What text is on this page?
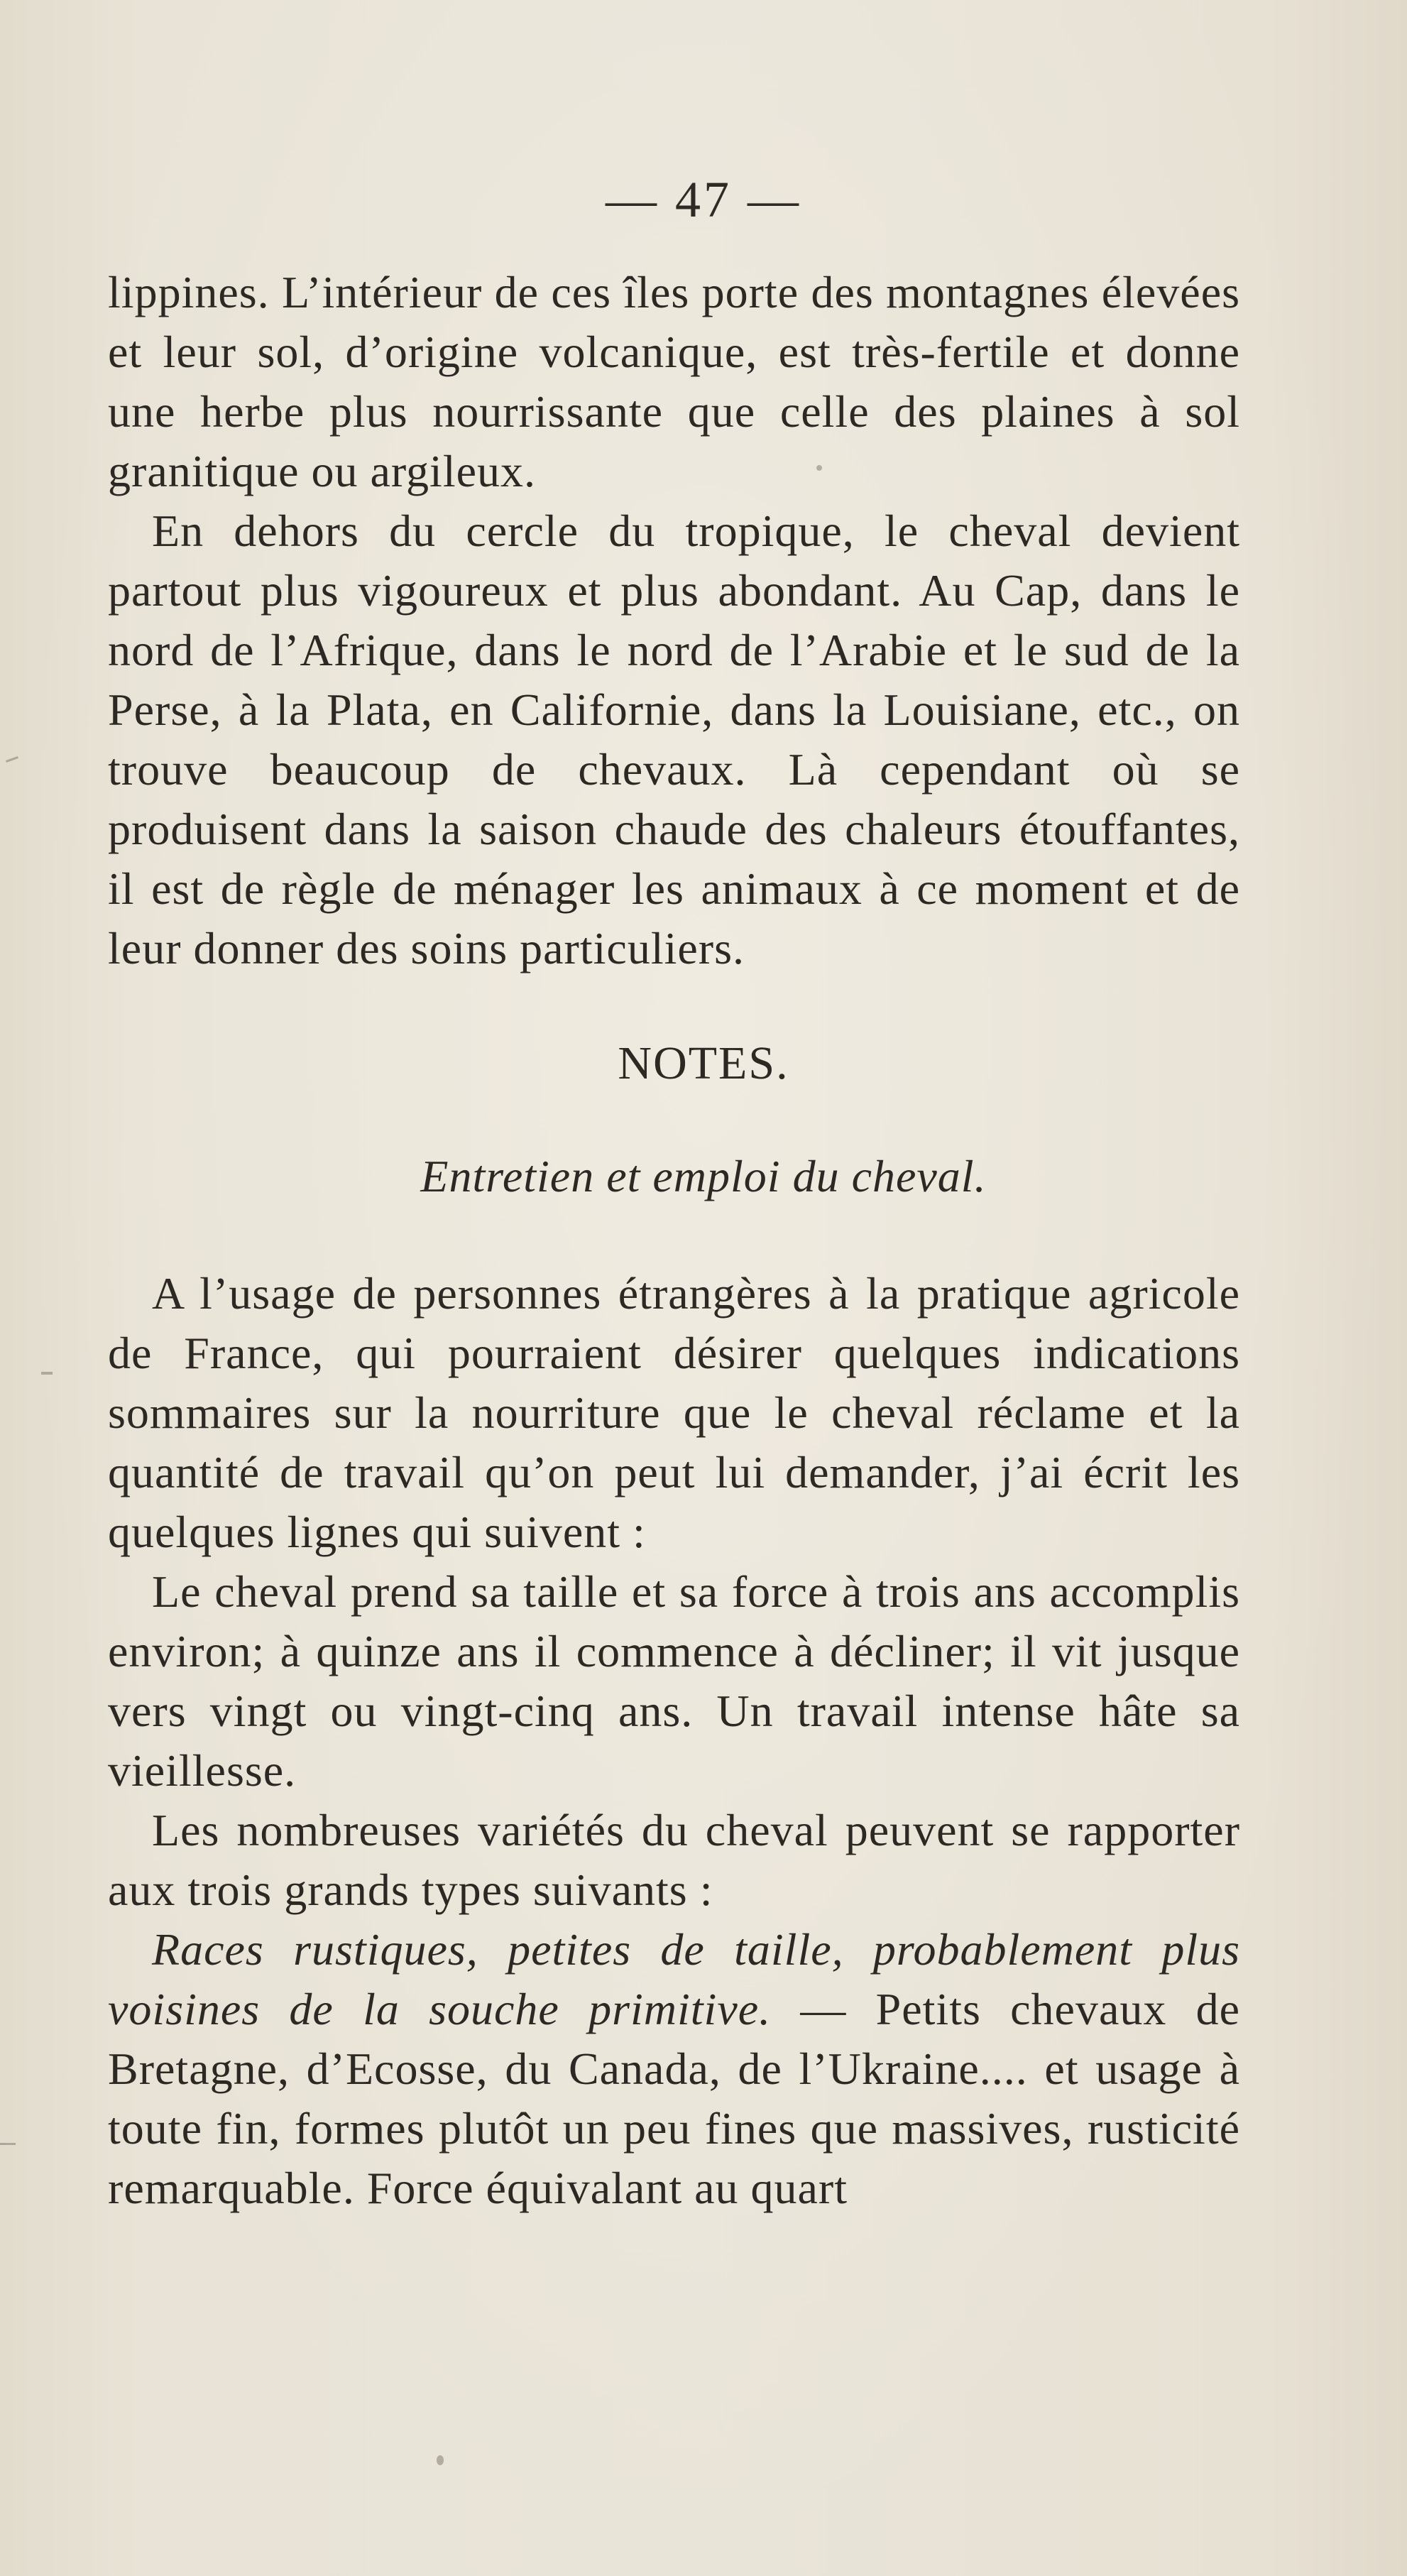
— 47 —

lippines. L’intérieur de ces îles porte des montagnes élevées et leur sol, d’origine volcanique, est très-fertile et donne une herbe plus nourrissante que celle des plaines à sol granitique ou argileux.

En dehors du cercle du tropique, le cheval devient partout plus vigoureux et plus abondant. Au Cap, dans le nord de l’Afrique, dans le nord de l’Arabie et le sud de la Perse, à la Plata, en Californie, dans la Louisiane, etc., on trouve beaucoup de chevaux. Là cependant où se produisent dans la saison chaude des chaleurs étouffantes, il est de règle de ménager les animaux à ce moment et de leur donner des soins particuliers.

NOTES.
Entretien et emploi du cheval.

A l’usage de personnes étrangères à la pratique agricole de France, qui pourraient désirer quelques indications sommaires sur la nourriture que le cheval réclame et la quantité de travail qu’on peut lui demander, j’ai écrit les quelques lignes qui suivent :

Le cheval prend sa taille et sa force à trois ans accomplis environ; à quinze ans il commence à décliner; il vit jusque vers vingt ou vingt-cinq ans. Un travail intense hâte sa vieillesse.

Les nombreuses variétés du cheval peuvent se rapporter aux trois grands types suivants :

Races rustiques, petites de taille, probablement plus voisines de la souche primitive. — Petits chevaux de Bretagne, d’Ecosse, du Canada, de l’Ukraine.... et usage à toute fin, formes plutôt un peu fines que massives, rusticité remarquable. Force équivalant au quart
